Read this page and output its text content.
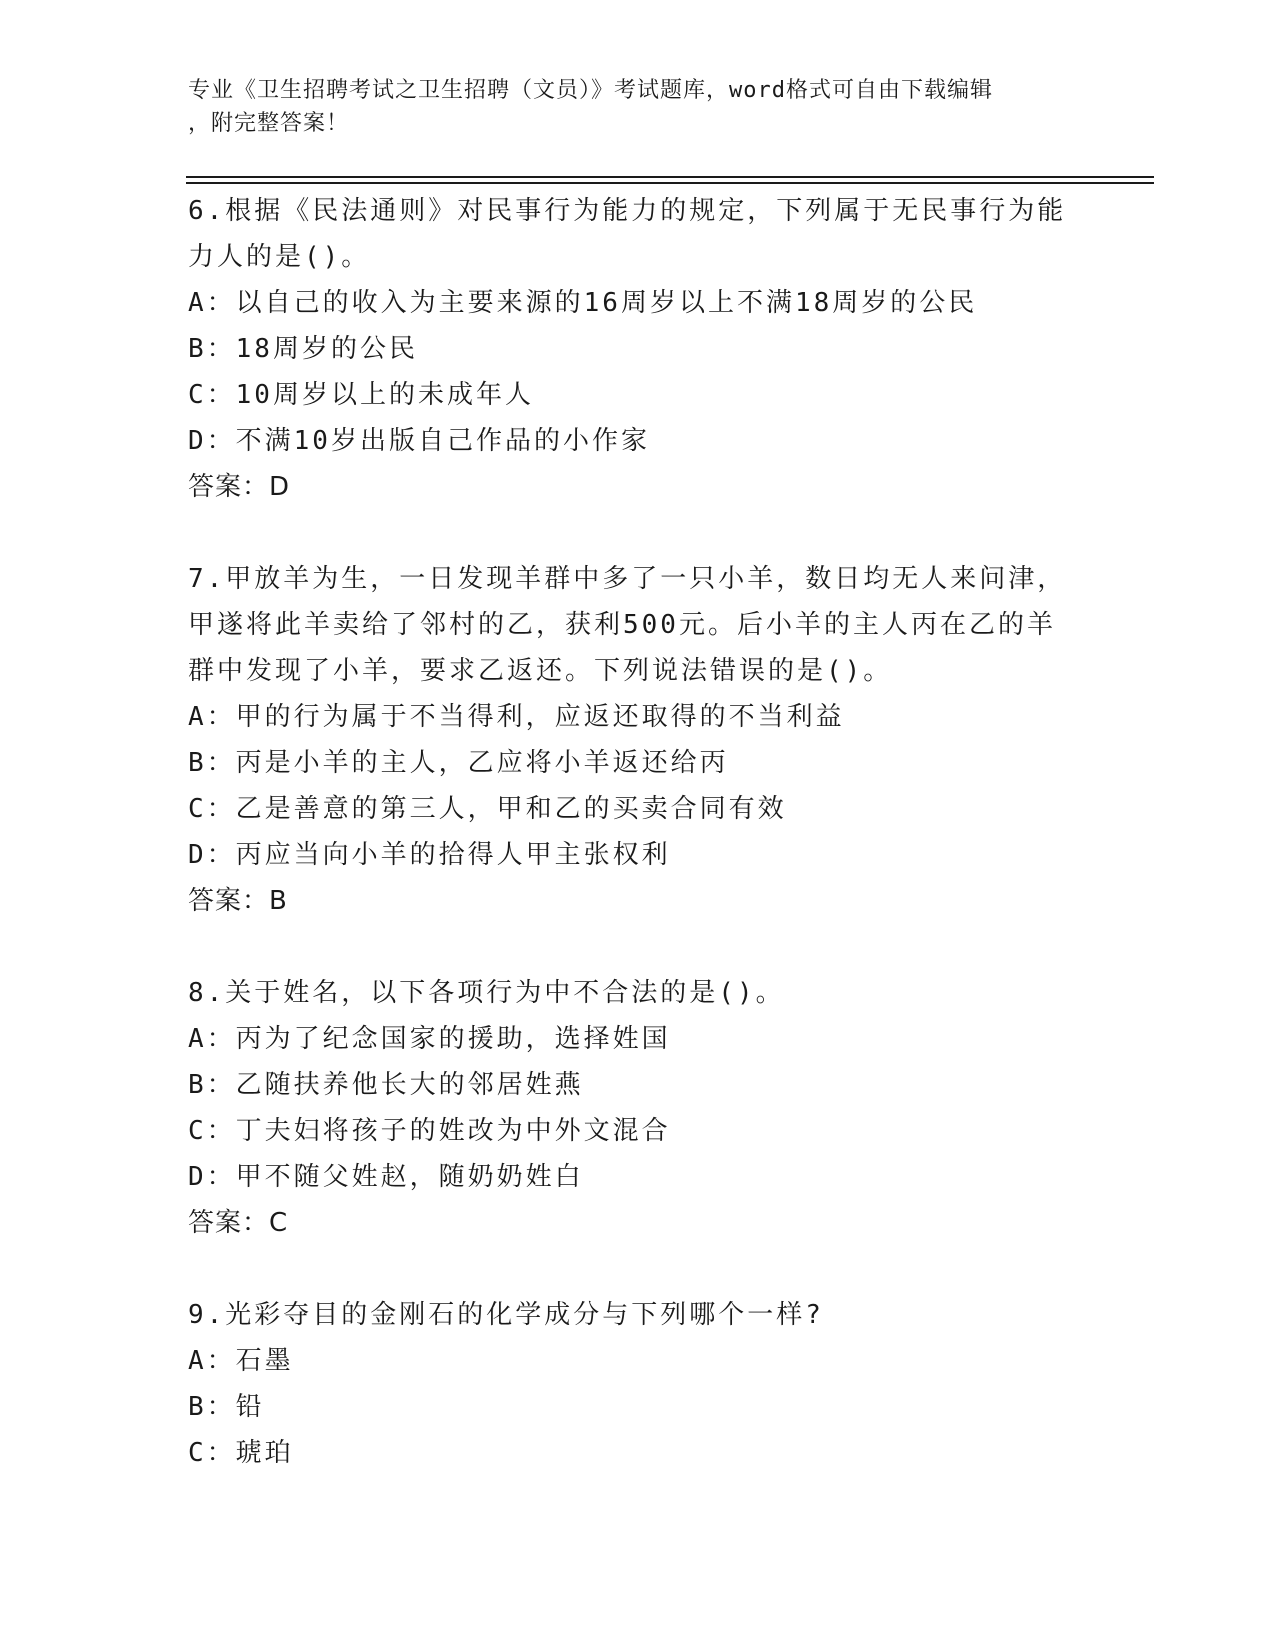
专业《卫生招聘考试之卫生招聘（文员）》考试题库，word格式可自由下载编辑
，附完整答案！
6.根据《民法通则》对民事行为能力的规定，下列属于无民事行为能
力人的是()。
A：以自己的收入为主要来源的16周岁以上不满18周岁的公民
B：18周岁的公民
C：10周岁以上的未成年人
D：不满10岁出版自己作品的小作家
答案：D
7.甲放羊为生，一日发现羊群中多了一只小羊，数日均无人来问津，
甲遂将此羊卖给了邻村的乙，获利500元。后小羊的主人丙在乙的羊
群中发现了小羊，要求乙返还。下列说法错误的是()。
A：甲的行为属于不当得利，应返还取得的不当利益
B：丙是小羊的主人，乙应将小羊返还给丙
C：乙是善意的第三人，甲和乙的买卖合同有效
D：丙应当向小羊的拾得人甲主张权利
答案：B
8.关于姓名，以下各项行为中不合法的是()。
A：丙为了纪念国家的援助，选择姓国
B：乙随扶养他长大的邻居姓燕
C：丁夫妇将孩子的姓改为中外文混合
D：甲不随父姓赵，随奶奶姓白
答案：C
9.光彩夺目的金刚石的化学成分与下列哪个一样?
A：石墨
B：铅
C：琥珀
